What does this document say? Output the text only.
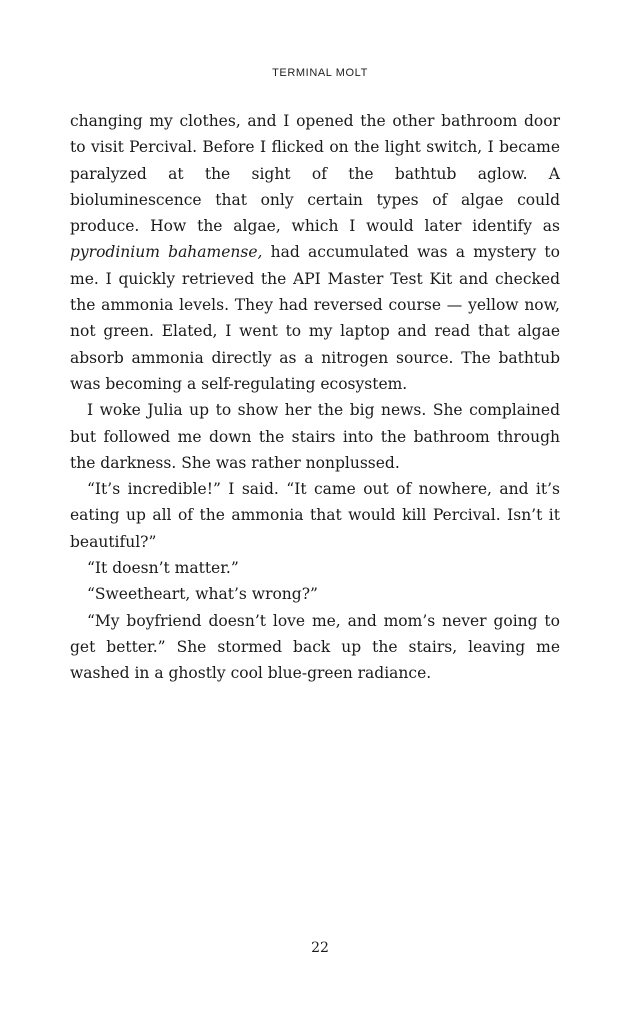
TERMINAL MOLT

changing my clothes, and I opened the other bathroom door to visit Percival. Before I flicked on the light switch, I became paralyzed at the sight of the bathtub aglow. A bioluminescence that only certain types of algae could produce. How the algae, which I would later identify as pyrodinium bahamense, had accumulated was a mystery to me. I quickly retrieved the API Master Test Kit and checked the ammonia levels. They had reversed course — yellow now, not green. Elated, I went to my laptop and read that algae absorb ammonia directly as a nitrogen source. The bathtub was becoming a self-regulating ecosystem.

I woke Julia up to show her the big news. She complained but followed me down the stairs into the bathroom through the darkness. She was rather nonplussed.

“It’s incredible!” I said. “It came out of nowhere, and it’s eating up all of the ammonia that would kill Percival. Isn’t it beautiful?”

“It doesn’t matter.”

“Sweetheart, what’s wrong?”

“My boyfriend doesn’t love me, and mom’s never going to get better.” She stormed back up the stairs, leaving me washed in a ghostly cool blue-green radiance.

22
